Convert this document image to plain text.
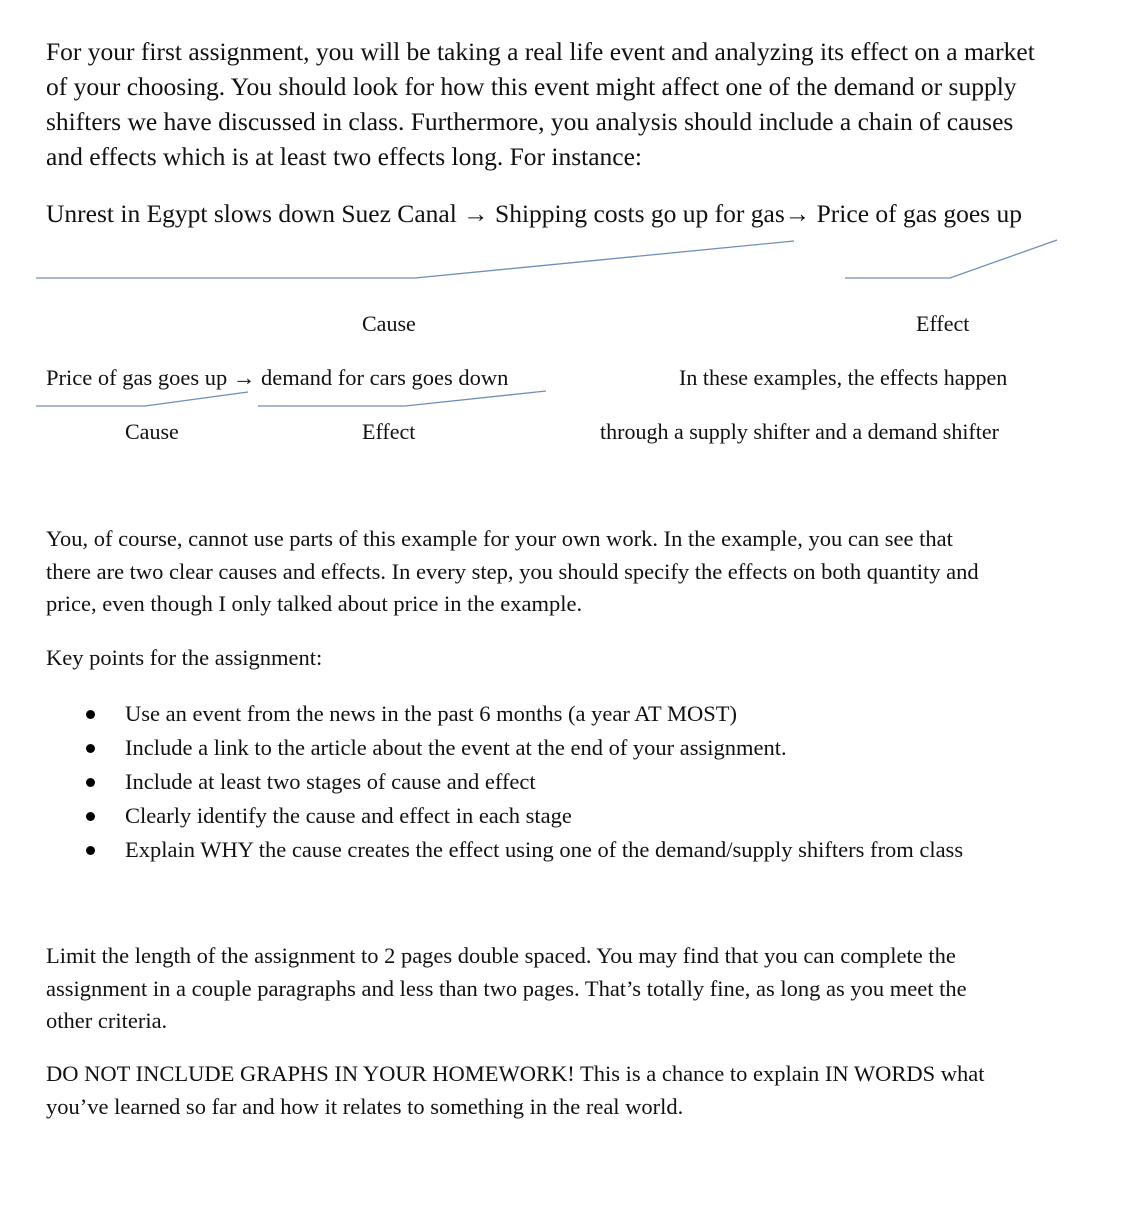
For your first assignment, you will be taking a real life event and analyzing its effect on a market
of your choosing. You should look for how this event might affect one of the demand or supply
shifters we have discussed in class. Furthermore, you analysis should include a chain of causes
and effects which is at least two effects long. For instance:
Unrest in Egypt slows down Suez Canal → Shipping costs go up for gas→ Price of gas goes up
Cause	Effect
Price of gas goes up → demand for cars goes down	In these examples, the effects happen
through a supply shifter and a demand shifter
Cause	Effect
You, of course, cannot use parts of this example for your own work. In the example, you can see that
there are two clear causes and effects. In every step, you should specify the effects on both quantity and
price, even though I only talked about price in the example.
Key points for the assignment:
Use an event from the news in the past 6 months (a year AT MOST)
Include a link to the article about the event at the end of your assignment.
Include at least two stages of cause and effect
Clearly identify the cause and effect in each stage
Explain WHY the cause creates the effect using one of the demand/supply shifters from class
Limit the length of the assignment to 2 pages double spaced. You may find that you can complete the
assignment in a couple paragraphs and less than two pages. That’s totally fine, as long as you meet the
other criteria.
DO NOT INCLUDE GRAPHS IN YOUR HOMEWORK! This is a chance to explain IN WORDS what
you’ve learned so far and how it relates to something in the real world.
